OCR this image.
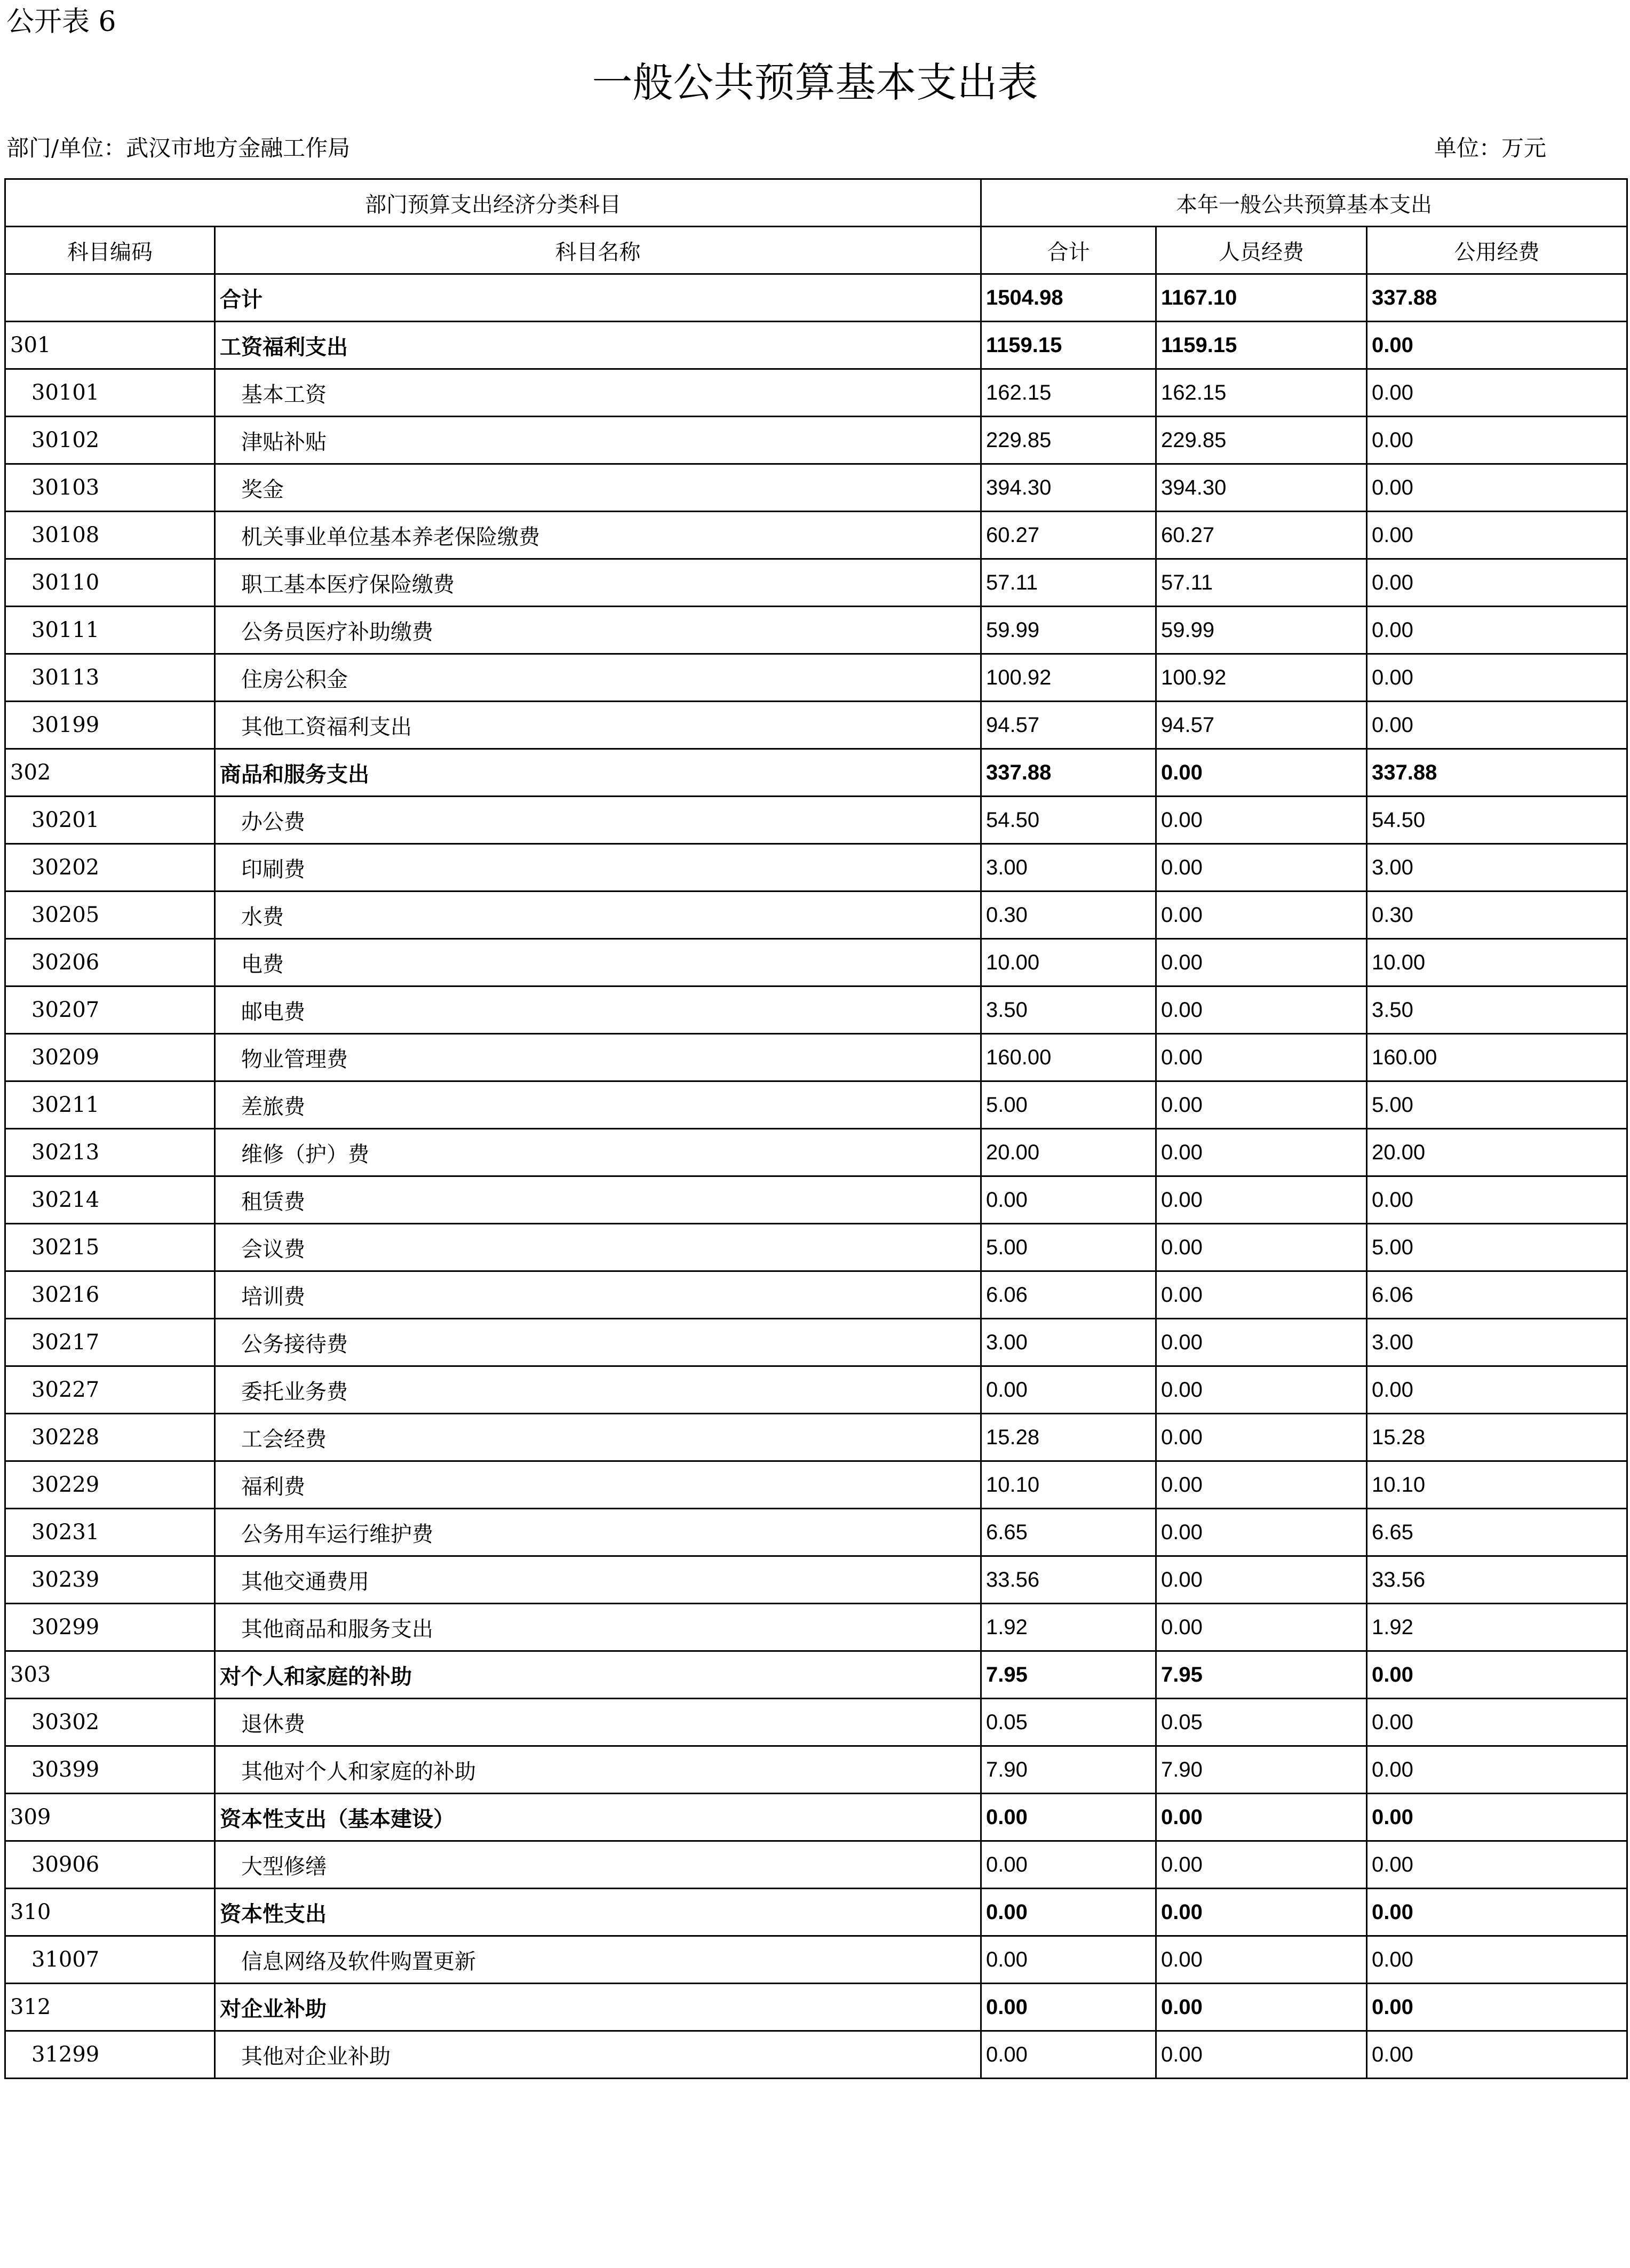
公开表 6
一般公共预算基本支出表
部门/单位：武汉市地方金融工作局	单位：万元
部门预算支出经济分类科目		本年一般公共预算基本支出		
科目编码	科目名称	合计	人员经费	公用经费
	合计	1504.98	1167.10	337.88
301	工资福利支出	1159.15	1159.15	0.00
30101	基本工资	162.15	162.15	0.00
30102	津贴补贴	229.85	229.85	0.00
30103	奖金	394.30	394.30	0.00
30108	机关事业单位基本养老保险缴费	60.27	60.27	0.00
30110	职工基本医疗保险缴费	57.11	57.11	0.00
30111	公务员医疗补助缴费	59.99	59.99	0.00
30113	住房公积金	100.92	100.92	0.00
30199	其他工资福利支出	94.57	94.57	0.00
302	商品和服务支出	337.88	0.00	337.88
30201	办公费	54.50	0.00	54.50
30202	印刷费	3.00	0.00	3.00
30205	水费	0.30	0.00	0.30
30206	电费	10.00	0.00	10.00
30207	邮电费	3.50	0.00	3.50
30209	物业管理费	160.00	0.00	160.00
30211	差旅费	5.00	0.00	5.00
30213	维修（护）费	20.00	0.00	20.00
30214	租赁费	0.00	0.00	0.00
30215	会议费	5.00	0.00	5.00
30216	培训费	6.06	0.00	6.06
30217	公务接待费	3.00	0.00	3.00
30227	委托业务费	0.00	0.00	0.00
30228	工会经费	15.28	0.00	15.28
30229	福利费	10.10	0.00	10.10
30231	公务用车运行维护费	6.65	0.00	6.65
30239	其他交通费用	33.56	0.00	33.56
30299	其他商品和服务支出	1.92	0.00	1.92
303	对个人和家庭的补助	7.95	7.95	0.00
30302	退休费	0.05	0.05	0.00
30399	其他对个人和家庭的补助	7.90	7.90	0.00
309	资本性支出（基本建设）	0.00	0.00	0.00
30906	大型修缮	0.00	0.00	0.00
310	资本性支出	0.00	0.00	0.00
31007	信息网络及软件购置更新	0.00	0.00	0.00
312	对企业补助	0.00	0.00	0.00
31299	其他对企业补助	0.00	0.00	0.00
